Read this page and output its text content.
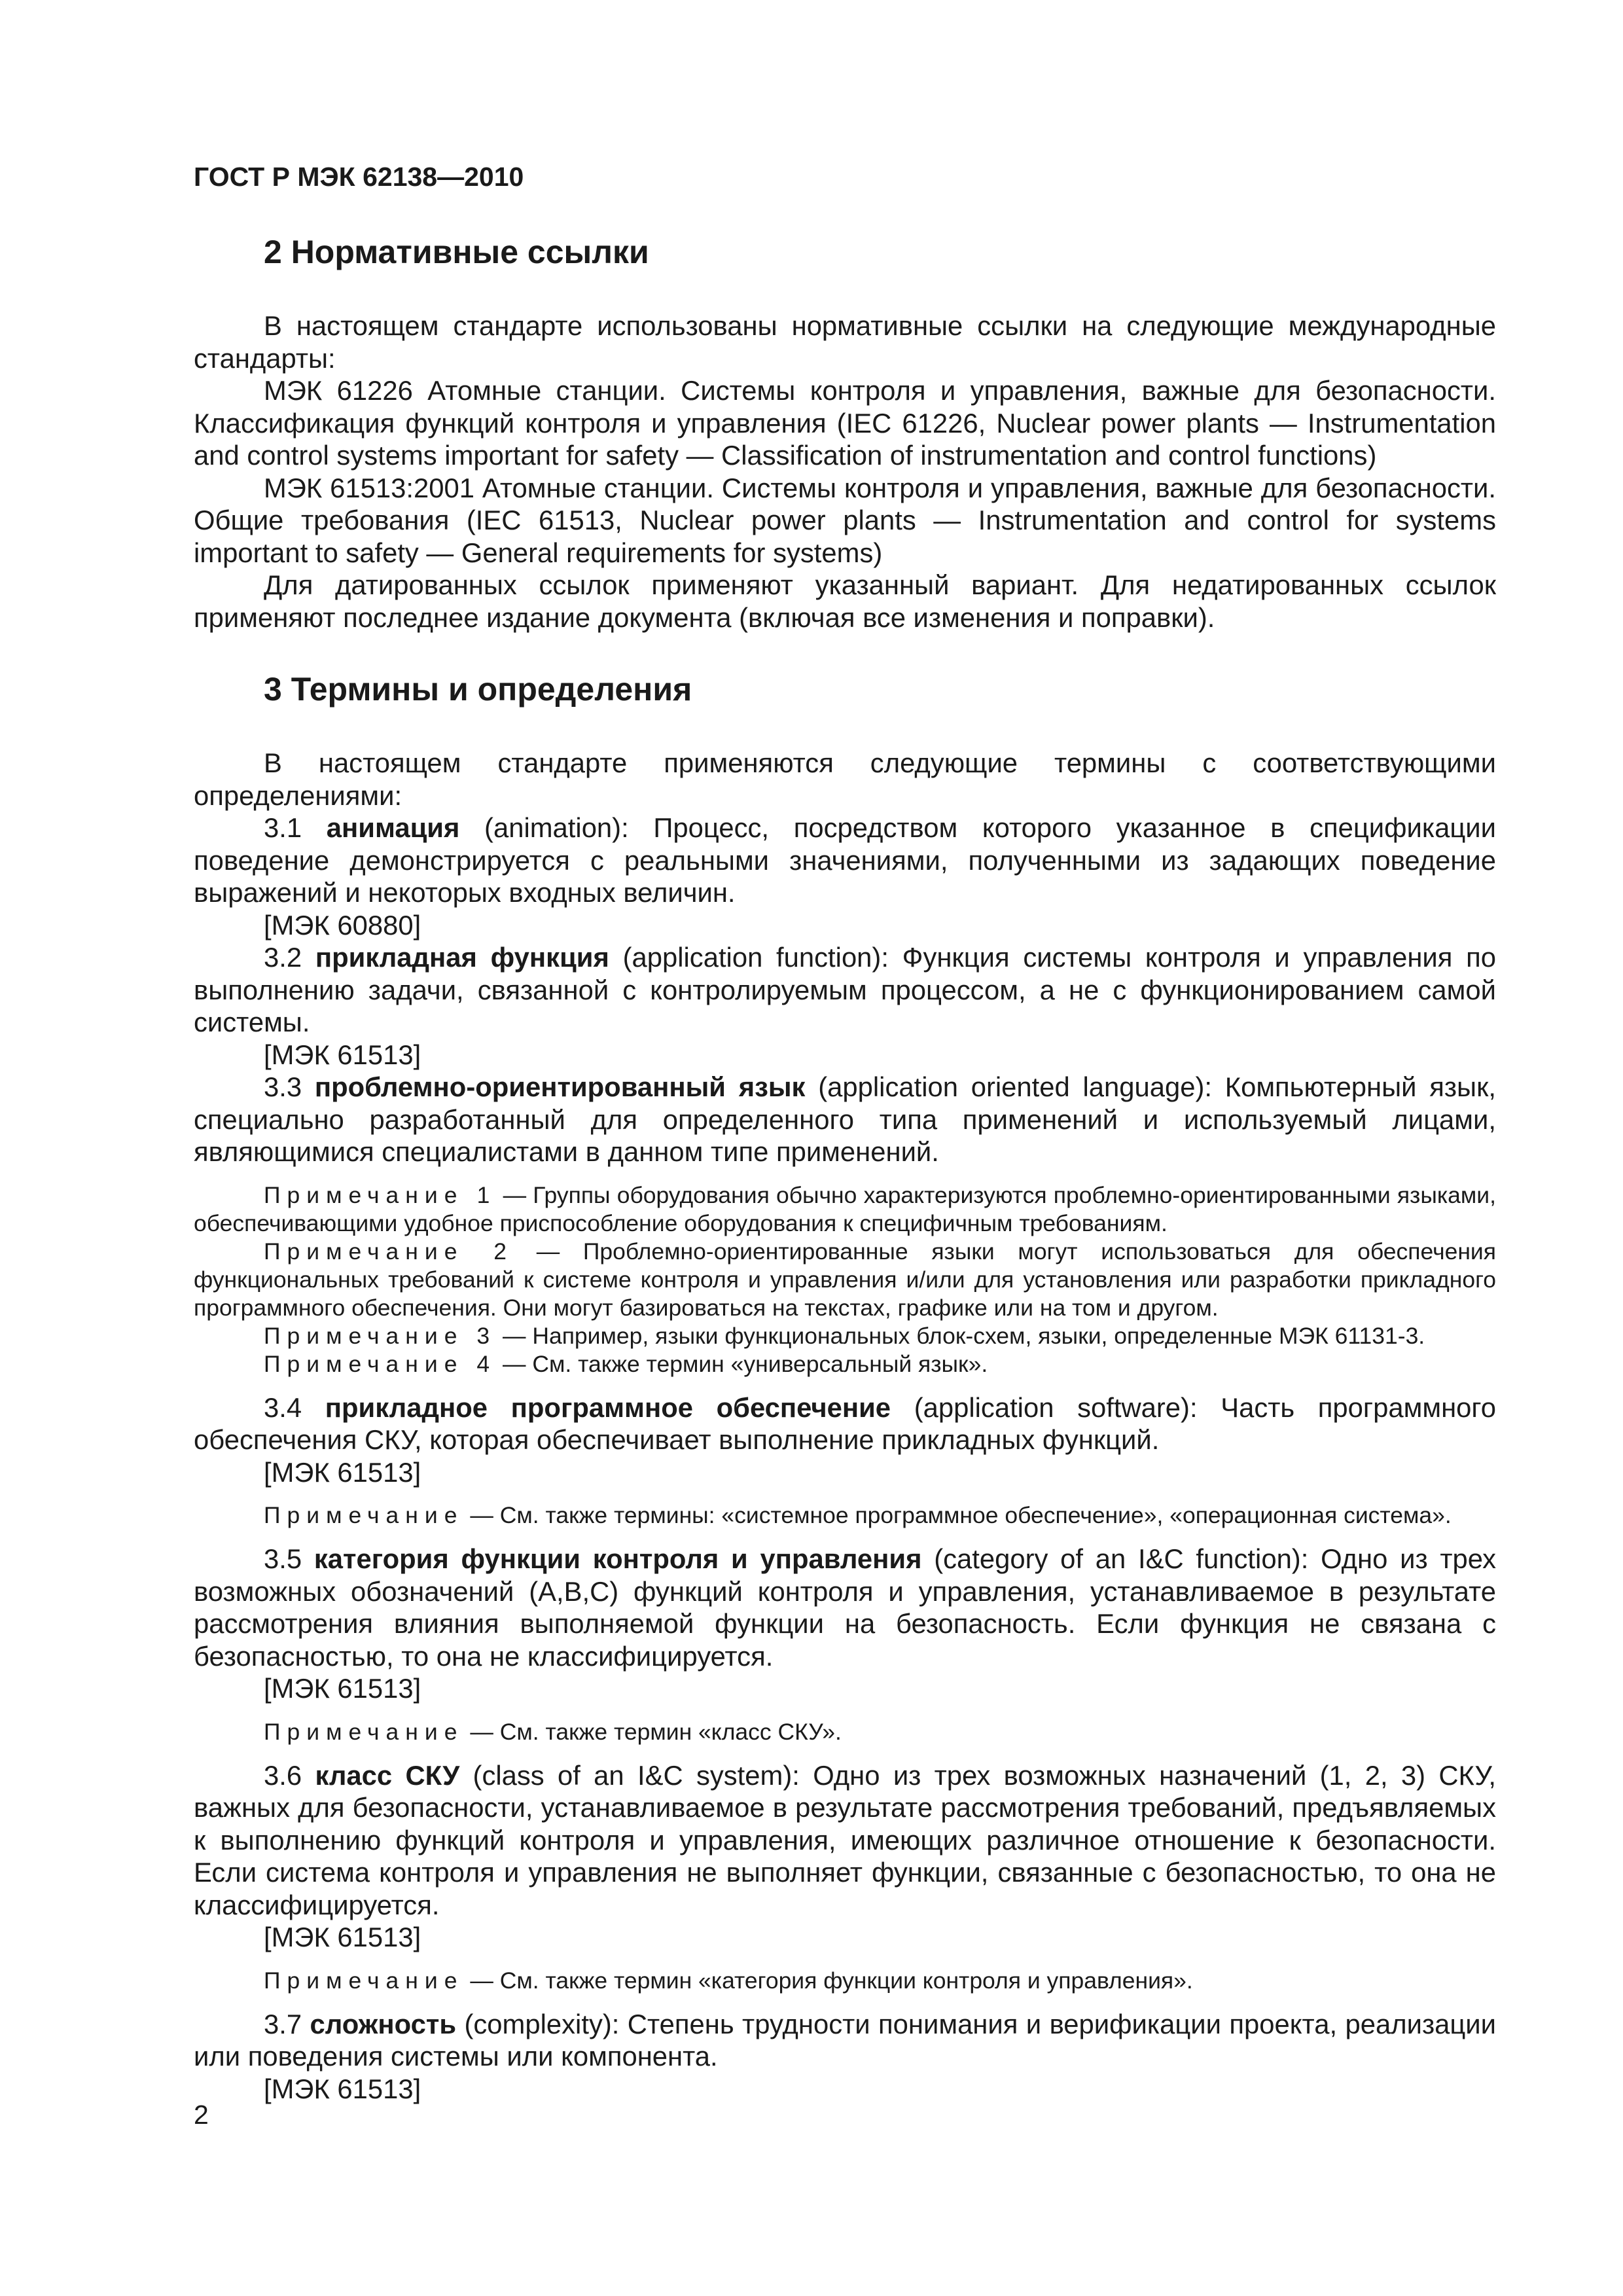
ГОСТ Р МЭК 62138—2010
2 Нормативные ссылки

В настоящем стандарте использованы нормативные ссылки на следующие международные стандарты:

МЭК 61226 Атомные станции. Системы контроля и управления, важные для безопасности. Классификация функций контроля и управления (IEC 61226, Nuclear power plants — Instrumentation and control systems important for safety — Classification of instrumentation and control functions)

МЭК 61513:2001 Атомные станции. Системы контроля и управления, важные для безопасности. Общие требования (IEC 61513, Nuclear power plants — Instrumentation and control for systems important to safety — General requirements for systems)

Для датированных ссылок применяют указанный вариант. Для недатированных ссылок применяют последнее издание документа (включая все изменения и поправки).

3 Термины и определения

В настоящем стандарте применяются следующие термины с соответствующими определениями:

3.1 анимация (animation): Процесс, посредством которого указанное в спецификации поведение демонстрируется с реальными значениями, полученными из задающих поведение выражений и некоторых входных величин.

[МЭК 60880]

3.2 прикладная функция (application function): Функция системы контроля и управления по выполнению задачи, связанной с контролируемым процессом, а не с функционированием самой системы.

[МЭК 61513]

3.3 проблемно-ориентированный язык (application oriented language): Компьютерный язык, специально разработанный для определенного типа применений и используемый лицами, являющимися специалистами в данном типе применений.

Примечание 1 — Группы оборудования обычно характеризуются проблемно-ориентированными языками, обеспечивающими удобное приспособление оборудования к специфичным требованиям.

Примечание 2 — Проблемно-ориентированные языки могут использоваться для обеспечения функциональных требований к системе контроля и управления и/или для установления или разработки прикладного программного обеспечения. Они могут базироваться на текстах, графике или на том и другом.

Примечание 3 — Например, языки функциональных блок-схем, языки, определенные МЭК 61131-3.

Примечание 4 — См. также термин «универсальный язык».

3.4 прикладное программное обеспечение (application software): Часть программного обеспечения СКУ, которая обеспечивает выполнение прикладных функций.

[МЭК 61513]

Примечание — См. также термины: «системное программное обеспечение», «операционная система».

3.5 категория функции контроля и управления (category of an I&C function): Одно из трех возможных обозначений (A,B,C) функций контроля и управления, устанавливаемое в результате рассмотрения влияния выполняемой функции на безопасность. Если функция не связана с безопасностью, то она не классифицируется.

[МЭК 61513]

Примечание — См. также термин «класс СКУ».

3.6 класс СКУ (class of an I&C system): Одно из трех возможных назначений (1, 2, 3) СКУ, важных для безопасности, устанавливаемое в результате рассмотрения требований, предъявляемых к выполнению функций контроля и управления, имеющих различное отношение к безопасности. Если система контроля и управления не выполняет функции, связанные с безопасностью, то она не классифицируется.

[МЭК 61513]

Примечание — См. также термин «категория функции контроля и управления».

3.7 сложность (complexity): Степень трудности понимания и верификации проекта, реализации или поведения системы или компонента.

[МЭК 61513]

2
